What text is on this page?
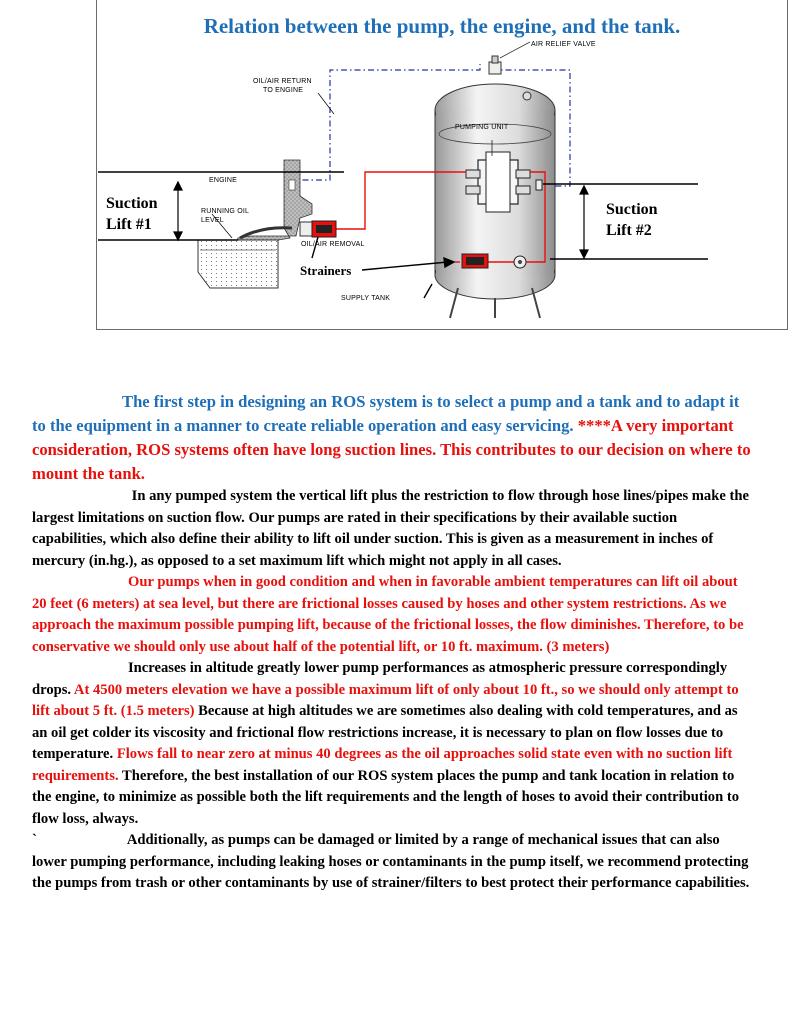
Relation between the pump, the engine, and the tank.
AIR RELIEF VALVE
OIL/AIR RETURN
TO ENGINE
PUMPING UNIT
ENGINE
RUNNING OIL
LEVEL
OIL/AIR REMOVAL
Strainers
SUPPLY TANK
Suction
Lift #1
Suction
Lift #2

The first step in designing an ROS system is to select a pump and a tank and to adapt it to the equipment in a manner to create reliable operation and easy servicing. ****A very important consideration, ROS systems often have long suction lines. This contributes to our decision on where to mount the tank.

In any pumped system the vertical lift plus the restriction to flow through hose lines/pipes make the largest limitations on suction flow. Our pumps are rated in their specifications by their available suction capabilities, which also define their ability to lift oil under suction. This is given as a measurement in inches of mercury (in.hg.), as opposed to a set maximum lift which might not apply in all cases.

Our pumps when in good condition and when in favorable ambient temperatures can lift oil about 20 feet (6 meters) at sea level, but there are frictional losses caused by hoses and other system restrictions. As we approach the maximum possible pumping lift, because of the frictional losses, the flow diminishes. Therefore, to be conservative we should only use about half of the potential lift, or 10 ft. maximum. (3 meters)

Increases in altitude greatly lower pump performances as atmospheric pressure correspondingly drops. At 4500 meters elevation we have a possible maximum lift of only about 10 ft., so we should only attempt to lift about 5 ft. (1.5 meters) Because at high altitudes we are sometimes also dealing with cold temperatures, and as an oil get colder its viscosity and frictional flow restrictions increase, it is necessary to plan on flow losses due to temperature. Flows fall to near zero at minus 40 degrees as the oil approaches solid state even with no suction lift requirements. Therefore, the best installation of our ROS system places the pump and tank location in relation to the engine, to minimize as possible both the lift requirements and the length of hoses to avoid their contribution to flow loss, always.

`	Additionally, as pumps can be damaged or limited by a range of mechanical issues that can also lower pumping performance, including leaking hoses or contaminants in the pump itself, we recommend protecting the pumps from trash or other contaminants by use of strainer/filters to best protect their performance capabilities.
